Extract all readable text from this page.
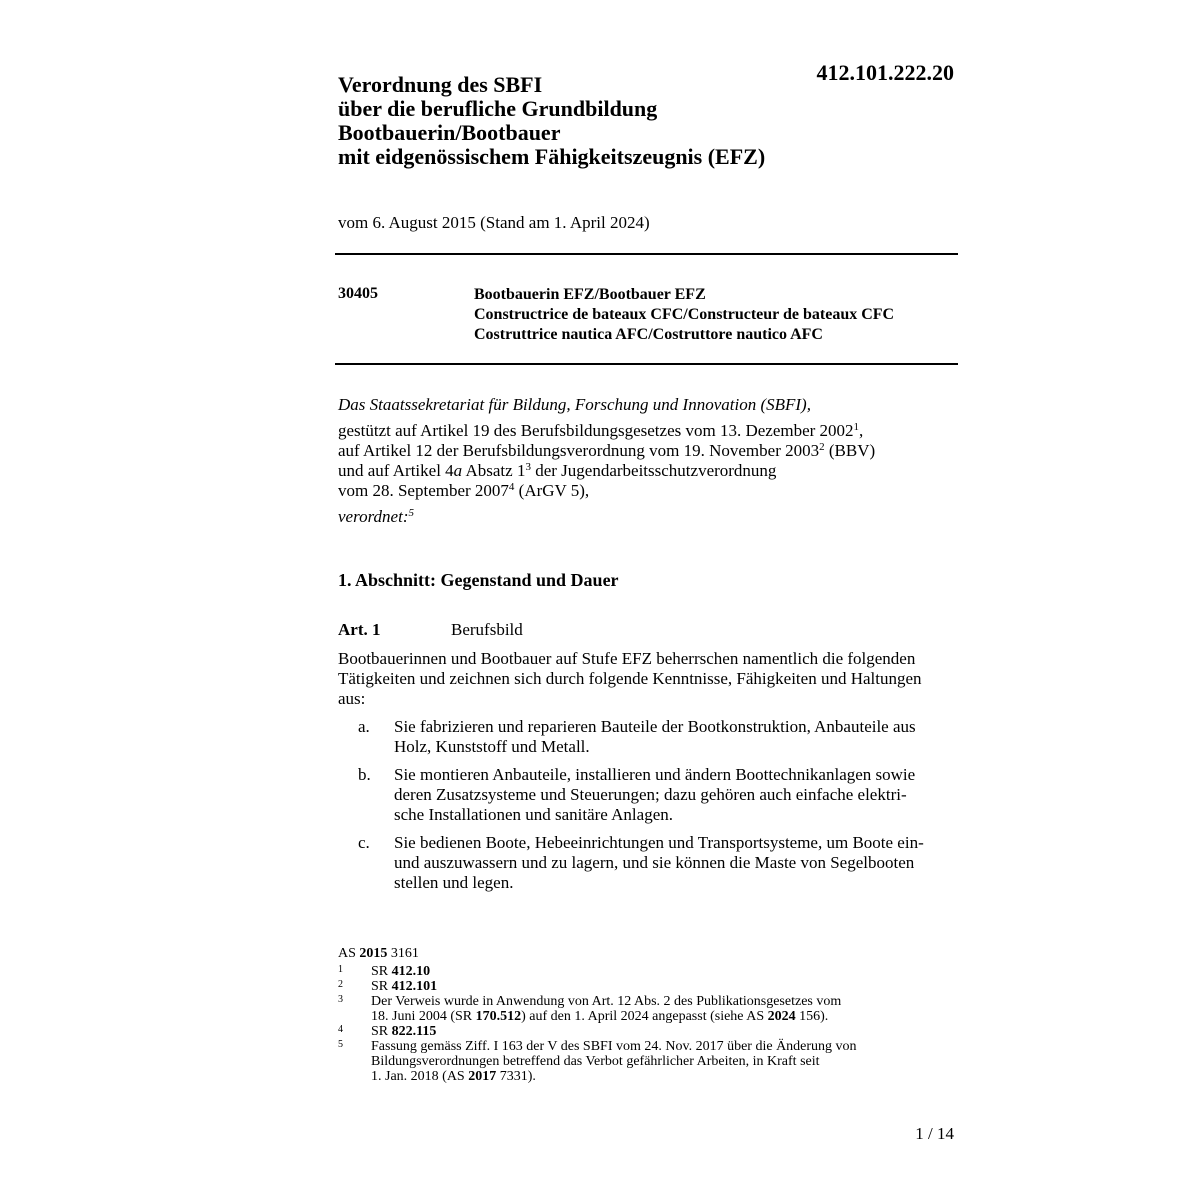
412.101.222.20
Verordnung des SBFI
über die berufliche Grundbildung
Bootbauerin/Bootbauer
mit eidgenössischem Fähigkeitszeugnis (EFZ)
vom 6. August 2015 (Stand am 1. April 2024)
30405	Bootbauerin EFZ/Bootbauer EFZ
Constructrice de bateaux CFC/Constructeur de bateaux CFC
Costruttrice nautica AFC/Costruttore nautico AFC
Das Staatssekretariat für Bildung, Forschung und Innovation (SBFI),
gestützt auf Artikel 19 des Berufsbildungsgesetzes vom 13. Dezember 2002$^1$,
auf Artikel 12 der Berufsbildungsverordnung vom 19. November 2003$^2$ (BBV)
und auf Artikel 4a Absatz $1^3$ der Jugendarbeitsschutzverordnung
vom 28. September 2007$^4$ (ArGV 5),
verordnet:$^5$
1. Abschnitt: Gegenstand und Dauer
Art. 1	Berufsbild
Bootbauerinnen und Bootbauer auf Stufe EFZ beherrschen namentlich die folgenden
Tätigkeiten und zeichnen sich durch folgende Kenntnisse, Fähigkeiten und Haltungen
aus:
a.	Sie fabrizieren und reparieren Bauteile der Bootkonstruktion, Anbauteile aus
Holz, Kunststoff und Metall.
b.	Sie montieren Anbauteile, installieren und ändern Boottechnikanlagen sowie
deren Zusatzsysteme und Steuerungen; dazu gehören auch einfache elektri-
sche Installationen und sanitäre Anlagen.
c.	Sie bedienen Boote, Hebeeinrichtungen und Transportsysteme, um Boote ein-
und auszuwassern und zu lagern, und sie können die Maste von Segelbooten
stellen und legen.
AS 2015 3161
1	SR 412.10
2	SR 412.101
3	Der Verweis wurde in Anwendung von Art. 12 Abs. 2 des Publikationsgesetzes vom
18. Juni 2004 (SR 170.512) auf den 1. April 2024 angepasst (siehe AS 2024 156).
4	SR 822.115
5	Fassung gemäss Ziff. I 163 der V des SBFI vom 24. Nov. 2017 über die Änderung von
Bildungsverordnungen betreffend das Verbot gefährlicher Arbeiten, in Kraft seit
1. Jan. 2018 (AS 2017 7331).
1 / 14
